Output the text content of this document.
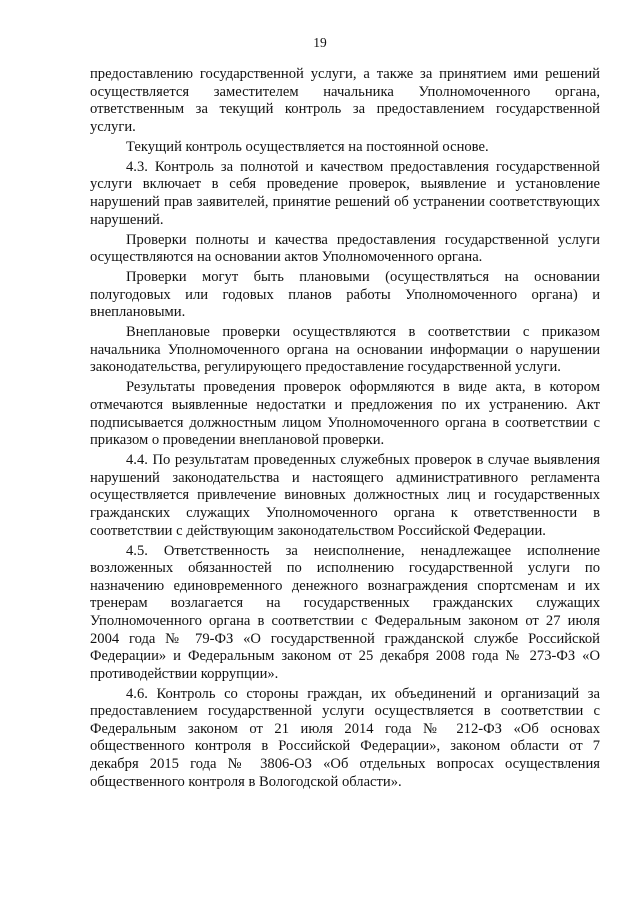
19

предоставлению государственной услуги, а также за принятием ими решений осуществляется заместителем начальника Уполномоченного органа, ответственным за текущий контроль за предоставлением государственной услуги.

Текущий контроль осуществляется на постоянной основе.

4.3. Контроль за полнотой и качеством предоставления государственной услуги включает в себя проведение проверок, выявление и установление нарушений прав заявителей, принятие решений об устранении соответствующих нарушений.

Проверки полноты и качества предоставления государственной услуги осуществляются на основании актов Уполномоченного органа.

Проверки могут быть плановыми (осуществляться на основании полугодовых или годовых планов работы Уполномоченного органа) и внеплановыми.

Внеплановые проверки осуществляются в соответствии с приказом начальника Уполномоченного органа на основании информации о нарушении законодательства, регулирующего предоставление государственной услуги.

Результаты проведения проверок оформляются в виде акта, в котором отмечаются выявленные недостатки и предложения по их устранению. Акт подписывается должностным лицом Уполномоченного органа в соответствии с приказом о проведении внеплановой проверки.

4.4. По результатам проведенных служебных проверок в случае выявления нарушений законодательства и настоящего административного регламента осуществляется привлечение виновных должностных лиц и государственных гражданских служащих Уполномоченного органа к ответственности в соответствии с действующим законодательством Российской Федерации.

4.5. Ответственность за неисполнение, ненадлежащее исполнение возложенных обязанностей по исполнению государственной услуги по назначению единовременного денежного вознаграждения спортсменам и их тренерам возлагается на государственных гражданских служащих Уполномоченного органа в соответствии с Федеральным законом от 27 июля 2004 года № 79-ФЗ «О государственной гражданской службе Российской Федерации» и Федеральным законом от 25 декабря 2008 года № 273-ФЗ «О противодействии коррупции».

4.6. Контроль со стороны граждан, их объединений и организаций за предоставлением государственной услуги осуществляется в соответствии с Федеральным законом от 21 июля 2014 года № 212-ФЗ «Об основах общественного контроля в Российской Федерации», законом области от 7 декабря 2015 года № 3806-ОЗ «Об отдельных вопросах осуществления общественного контроля в Вологодской области».
